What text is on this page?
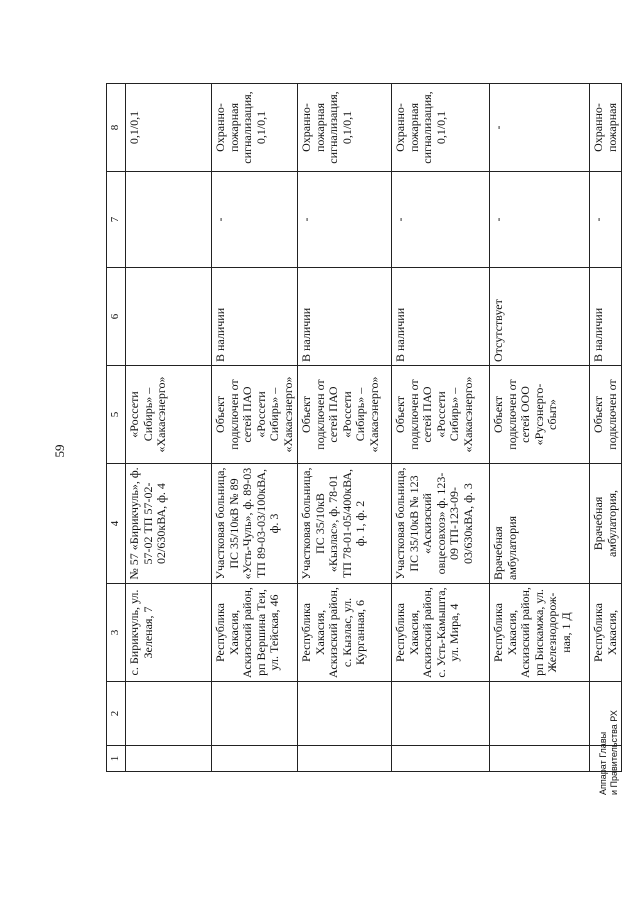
59
1	2	3	4	5	6	7	8
		с. Бирикчуль, ул. Зеленая, 7	№ 57 «Бирикчуль», ф. 57-02 ТП 57-02-02/630кВА, ф. 4	«Россети Сибирь» – «Хакасэнерго»			0,1/0,1
		Республика Хакасия, Аскизский район, рп Вершина Теи, ул. Тейская, 46	Участковая больница, ПС 35/10кВ № 89 «Усть-Чуль», ф. 89-03 ТП 89-03-03/100кВА, ф. 3	Объект подключен от сетей ПАО «Россети Сибирь» – «Хакасэнерго»	В наличии	-	Охранно-пожарная сигнализация, 0,1/0,1
		Республика Хакасия, Аскизский район, с. Кызлас, ул. Курганная, 6	Участковая больница, ПС 35/10кВ «Кызлас», ф. 78-01 ТП 78-01-05/400кВА, ф. 1, ф. 2	Объект подключен от сетей ПАО «Россети Сибирь» – «Хакасэнерго»	В наличии	-	Охранно-пожарная сигнализация, 0,1/0,1
		Республика Хакасия, Аскизский район, с. Усть-Камышта, ул. Мира, 4	Участковая больница, ПС 35/10кВ № 123 «Аскизский овцесовхоз» ф. 123-09 ТП-123-09-03/630кВА, ф. 3	Объект подключен от сетей ПАО «Россети Сибирь» – «Хакасэнерго»	В наличии	-	Охранно-пожарная сигнализация, 0,1/0,1
		Республика Хакасия, Аскизский район, рп Бискамжа, ул. Железнодорож-ная, 1 Д	Врачебная амбулатория	Объект подключен от сетей ООО «Русэнерго-сбыт»	Отсутствует	-	-
		Республика Хакасия,	Врачебная амбулатория,	Объект подключен от	В наличии	-	Охранно-пожарная
Аппарат Главы и Правительства РХ
